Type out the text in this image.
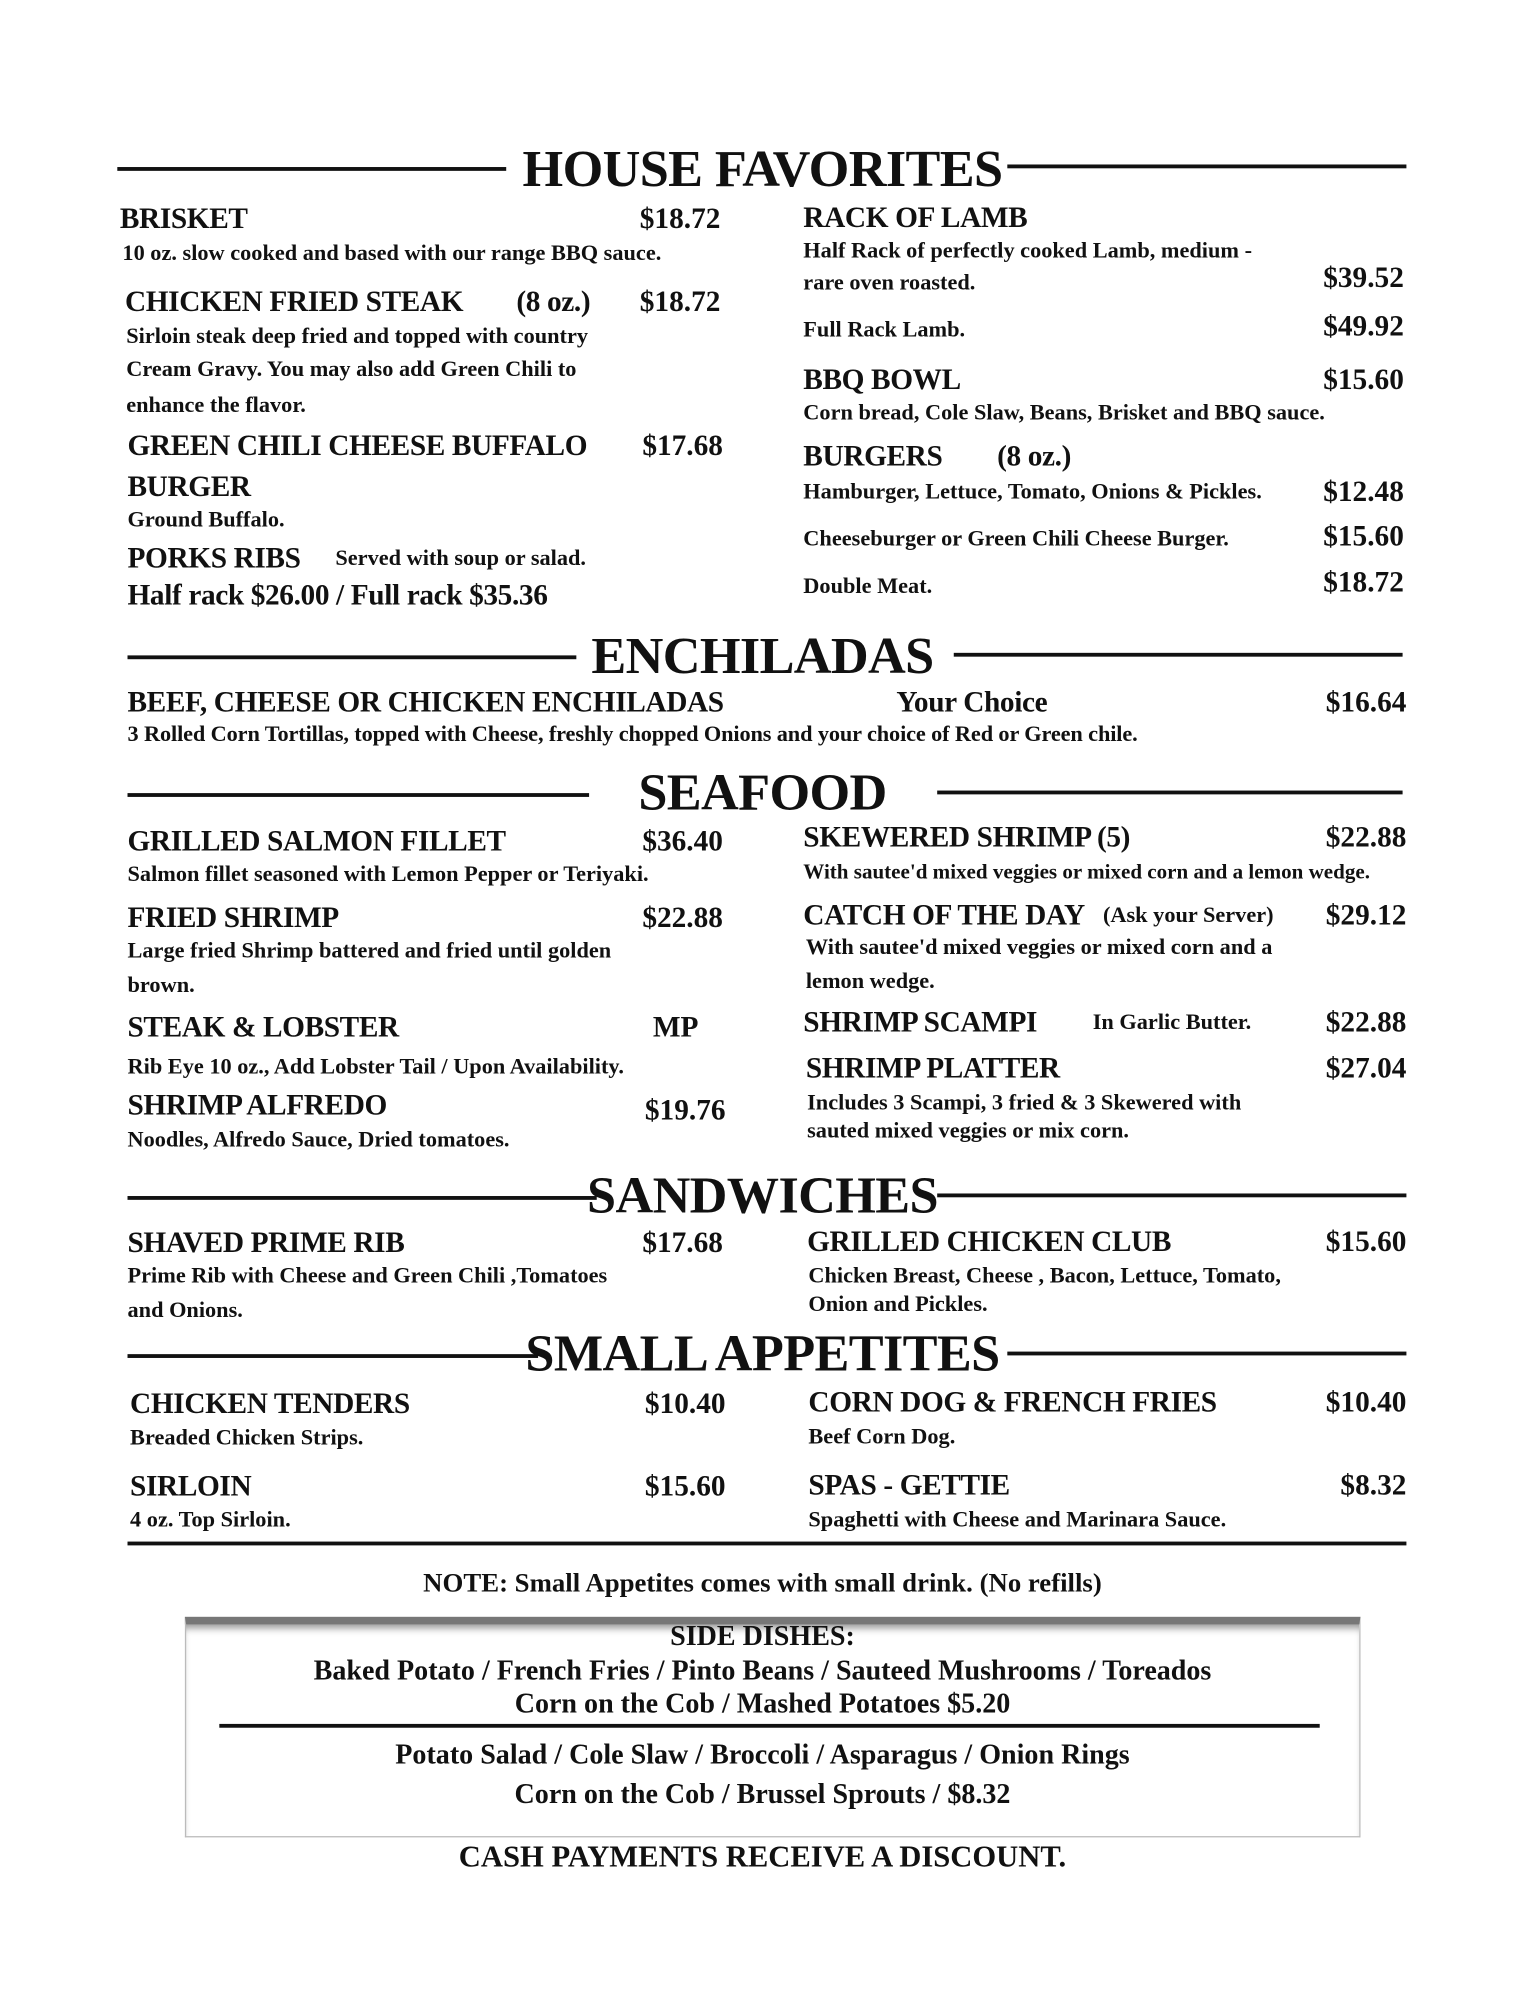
HOUSE FAVORITES
BRISKET	$18.72
10 oz. slow cooked and based with our range BBQ sauce.
CHICKEN FRIED STEAK (8 oz.) $18.72
Sirloin steak deep fried and topped with country
Cream Gravy. You may also add Green Chili to
enhance the flavor.
GREEN CHILI CHEESE BUFFALO $17.68
BURGER
Ground Buffalo.
PORKS RIBS Served with soup or salad.
Half rack $26.00 / Full rack $35.36
RACK OF LAMB
Half Rack of perfectly cooked Lamb, medium -
rare oven roasted.	$39.52
Full Rack Lamb.	$49.92
BBQ BOWL	$15.60
Corn bread, Cole Slaw, Beans, Brisket and BBQ sauce.
BURGERS (8 oz.)
Hamburger, Lettuce, Tomato, Onions & Pickles.	$12.48
Cheeseburger or Green Chili Cheese Burger.	$15.60
Double Meat.	$18.72
ENCHILADAS
BEEF, CHEESE OR CHICKEN ENCHILADAS	Your Choice	$16.64
3 Rolled Corn Tortillas, topped with Cheese, freshly chopped Onions and your choice of Red or Green chile.
SEAFOOD
GRILLED SALMON FILLET	$36.40
Salmon fillet seasoned with Lemon Pepper or Teriyaki.
FRIED SHRIMP	$22.88
Large fried Shrimp battered and fried until golden
brown.
STEAK & LOBSTER	MP
Rib Eye 10 oz., Add Lobster Tail / Upon Availability.
SHRIMP ALFREDO	$19.76
Noodles, Alfredo Sauce, Dried tomatoes.
SKEWERED SHRIMP (5)	$22.88
With sautee'd mixed veggies or mixed corn and a lemon wedge.
CATCH OF THE DAY (Ask your Server) $29.12
With sautee'd mixed veggies or mixed corn and a
lemon wedge.
SHRIMP SCAMPI	In Garlic Butter.	$22.88
SHRIMP PLATTER	$27.04
Includes 3 Scampi, 3 fried & 3 Skewered with
sauted mixed veggies or mix corn.
SANDWICHES
SHAVED PRIME RIB	$17.68
Prime Rib with Cheese and Green Chili ,Tomatoes
and Onions.
GRILLED CHICKEN CLUB	$15.60
Chicken Breast, Cheese , Bacon, Lettuce, Tomato,
Onion and Pickles.
SMALL APPETITES
CHICKEN TENDERS	$10.40
Breaded Chicken Strips.
SIRLOIN	$15.60
4 oz. Top Sirloin.
CORN DOG & FRENCH FRIES	$10.40
Beef Corn Dog.
SPAS - GETTIE	$8.32
Spaghetti with Cheese and Marinara Sauce.
NOTE: Small Appetites comes with small drink. (No refills)
SIDE DISHES:
Baked Potato / French Fries / Pinto Beans / Sauteed Mushrooms / Toreados
Corn on the Cob / Mashed Potatoes $5.20
Potato Salad / Cole Slaw / Broccoli / Asparagus / Onion Rings
Corn on the Cob / Brussel Sprouts / $8.32
CASH PAYMENTS RECEIVE A DISCOUNT.
